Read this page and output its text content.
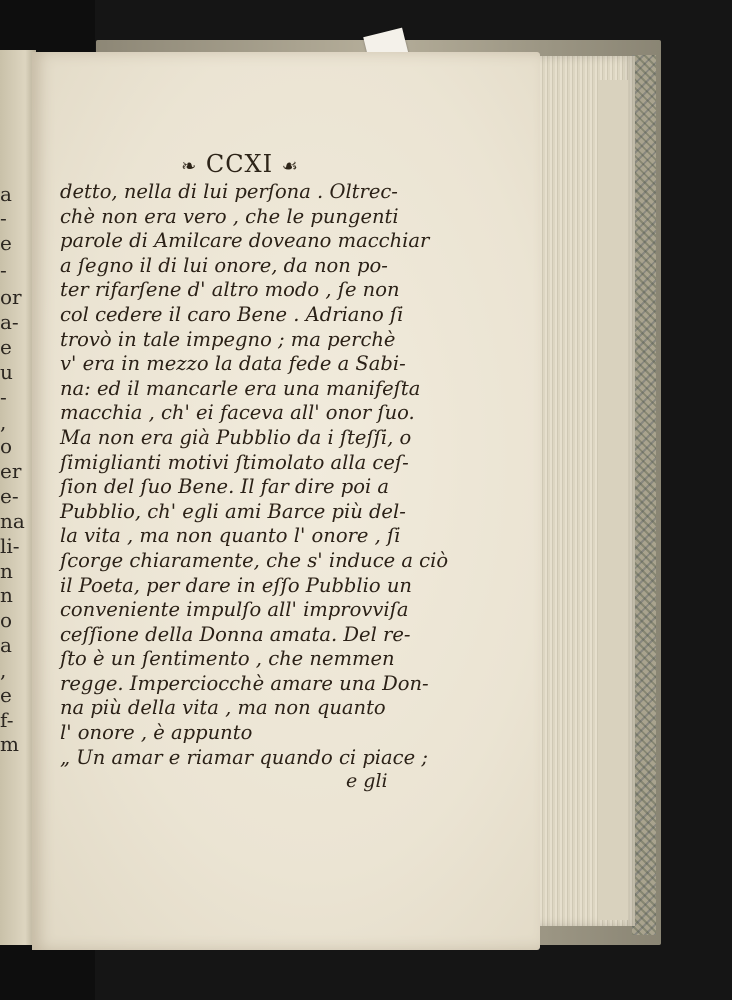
a
-
e
-
or
a-
e
u
-
,
o
er
e-
na
li-
n
n
o
a
,
e
f-
m
❧ CCXI ☙
detto, nella di lui perſona . Oltrec-
chè non era vero , che le pungenti
parole di Amilcare doveano macchiar
a ſegno il di lui onore, da non po-
ter rifarſene d' altro modo , ſe non
col cedere il caro Bene . Adriano ſi
trovò in tale impegno ; ma perchè
v' era in mezzo la data fede a Sabi-
na: ed il mancarle era una manifeſta
macchia , ch' ei faceva all' onor ſuo.
Ma non era già Pubblio da i ſteſſi, o
ſimiglianti motivi ſtimolato alla ceſ-
ſion del ſuo Bene. Il far dire poi a
Pubblio, ch' egli ami Barce più del-
la vita , ma non quanto l' onore , ſi
ſcorge chiaramente, che s' induce a ciò
il Poeta, per dare in eſſo Pubblio un
conveniente impulſo all' improvviſa
ceſſione della Donna amata. Del re-
ſto è un ſentimento , che nemmen
regge. Imperciocchè amare una Don-
na più della vita , ma non quanto
l' onore , è appunto
„ Un amar e riamar quando ci piace ;
e gli
